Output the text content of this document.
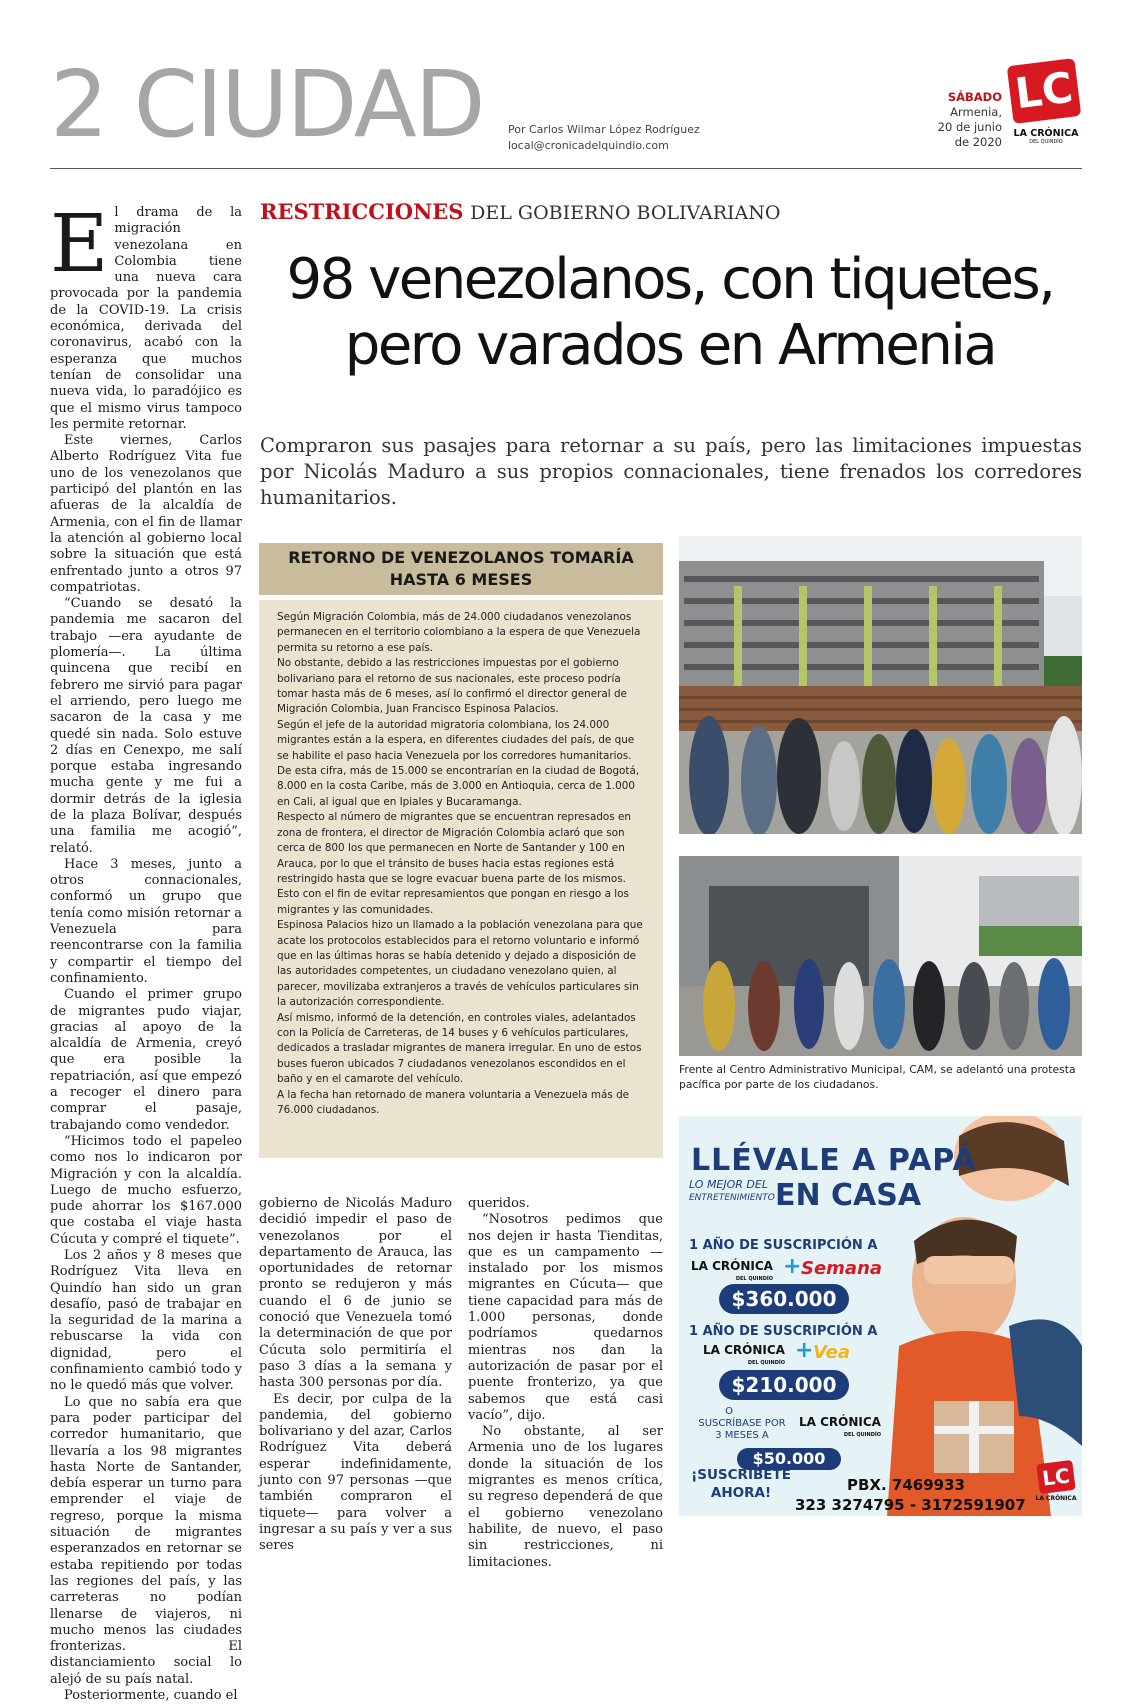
2 CIUDAD Por Carlos Wilmar López Rodríguez
local@cronicadelquindio.com
SÁBADO
Armenia,
20 de junio
de 2020
LC
LA CRÓNICA
DEL QUINDÍO
RESTRICCIONES DEL GOBIERNO BOLIVARIANO
98 venezolanos, con tiquetes, pero varados en Armenia
Compraron sus pasajes para retornar a su país, pero las limitaciones impuestas por Nicolás Maduro a sus propios connacionales, tiene frenados los corredores humanitarios.

El drama de la migración venezolana en Colombia tiene una nueva cara provocada por la pandemia de la COVID-19. La crisis económica, derivada del coronavirus, acabó con la esperanza que muchos tenían de consolidar una nueva vida, lo paradójico es que el mismo virus tampoco les permite retornar.

Este viernes, Carlos Alberto Rodríguez Vita fue uno de los venezolanos que participó del plantón en las afueras de la alcaldía de Armenia, con el fin de llamar la atención al gobierno local sobre la situación que está enfrentado junto a otros 97 compatriotas.

“Cuando se desató la pandemia me sacaron del trabajo —era ayudante de plomería—. La última quincena que recibí en febrero me sirvió para pagar el arriendo, pero luego me sacaron de la casa y me quedé sin nada. Solo estuve 2 días en Cenexpo, me salí porque estaba ingresando mucha gente y me fui a dormir detrás de la iglesia de la plaza Bolívar, después una familia me acogió”, relató.

Hace 3 meses, junto a otros connacionales, conformó un grupo que tenía como misión retornar a Venezuela para reencontrarse con la familia y compartir el tiempo del confinamiento.

Cuando el primer grupo de migrantes pudo viajar, gracias al apoyo de la alcaldía de Armenia, creyó que era posible la repatriación, así que empezó a recoger el dinero para comprar el pasaje, trabajando como vendedor.

“Hicimos todo el papeleo como nos lo indicaron por Migración y con la alcaldía. Luego de mucho esfuerzo, pude ahorrar los $167.000 que costaba el viaje hasta Cúcuta y compré el tiquete”.

Los 2 años y 8 meses que Rodríguez Vita lleva en Quindío han sido un gran desafío, pasó de trabajar en la seguridad de la marina a rebuscarse la vida con dignidad, pero el confinamiento cambió todo y no le quedó más que volver.

Lo que no sabía era que para poder participar del corredor humanitario, que llevaría a los 98 migrantes hasta Norte de Santander, debía esperar un turno para emprender el viaje de regreso, porque la misma situación de migrantes esperanzados en retornar se estaba repitiendo por todas las regiones del país, y las carreteras no podían llenarse de viajeros, ni mucho menos las ciudades fronterizas. El distanciamiento social lo alejó de su país natal.

Posteriormente, cuando el

RETORNO DE VENEZOLANOS TOMARÍA
HASTA 6 MESES

Según Migración Colombia, más de 24.000 ciudadanos venezolanos permanecen en el territorio colombiano a la espera de que Venezuela permita su retorno a ese país.

No obstante, debido a las restricciones impuestas por el gobierno bolivariano para el retorno de sus nacionales, este proceso podría tomar hasta más de 6 meses, así lo confirmó el director general de Migración Colombia, Juan Francisco Espinosa Palacios.

Según el jefe de la autoridad migratoria colombiana, los 24.000 migrantes están a la espera, en diferentes ciudades del país, de que se habilite el paso hacia Venezuela por los corredores humanitarios.

De esta cifra, más de 15.000 se encontrarían en la ciudad de Bogotá, 8.000 en la costa Caribe, más de 3.000 en Antioquia, cerca de 1.000 en Cali, al igual que en Ipiales y Bucaramanga.

Respecto al número de migrantes que se encuentran represados en zona de frontera, el director de Migración Colombia aclaró que son cerca de 800 los que permanecen en Norte de Santander y 100 en Arauca, por lo que el tránsito de buses hacia estas regiones está restringido hasta que se logre evacuar buena parte de los mismos. Esto con el fin de evitar represamientos que pongan en riesgo a los migrantes y las comunidades.

Espinosa Palacios hizo un llamado a la población venezolana para que acate los protocolos establecidos para el retorno voluntario e informó que en las últimas horas se había detenido y dejado a disposición de las autoridades competentes, un ciudadano venezolano quien, al parecer, movilizaba extranjeros a través de vehículos particulares sin la autorización correspondiente.

Así mismo, informó de la detención, en controles viales, adelantados con la Policía de Carreteras, de 14 buses y 6 vehículos particulares, dedicados a trasladar migrantes de manera irregular. En uno de estos buses fueron ubicados 7 ciudadanos venezolanos escondidos en el baño y en el camarote del vehículo.

A la fecha han retornado de manera voluntaria a Venezuela más de 76.000 ciudadanos.

gobierno de Nicolás Maduro decidió impedir el paso de venezolanos por el departamento de Arauca, las oportunidades de retornar pronto se redujeron y más cuando el 6 de junio se conoció que Venezuela tomó la determinación de que por Cúcuta solo permitiría el paso 3 días a la semana y hasta 300 personas por día.

Es decir, por culpa de la pandemia, del gobierno bolivariano y del azar, Carlos Rodríguez Vita deberá esperar indefinidamente, junto con 97 personas —que también compraron el tiquete— para volver a ingresar a su país y ver a sus seres

queridos.

“Nosotros pedimos que nos dejen ir hasta Tienditas, que es un campamento —instalado por los mismos migrantes en Cúcuta— que tiene capacidad para más de 1.000 personas, donde podríamos quedarnos mientras nos dan la autorización de pasar por el puente fronterizo, ya que sabemos que está casi vacío”, dijo.

No obstante, al ser Armenia uno de los lugares donde la situación de los migrantes es menos crítica, su regreso dependerá de que el gobierno venezolano habilite, de nuevo, el paso sin restricciones, ni limitaciones.

Frente al Centro Administrativo Municipal, CAM, se adelantó una protesta pacífica por parte de los ciudadanos.
LLÉVALE A PAPÁ
LO MEJOR DEL EN CASA
ENTRETENIMIENTO
1 AÑO DE SUSCRIPCIÓN A
LA CRÓNICA
DEL QUINDÍO + Semana
$360.000
1 AÑO DE SUSCRIPCIÓN A
LA CRÓNICA
DEL QUINDÍO + Vea
$210.000
O
SUSCRÍBASE POR
3 MESES A
LA CRÓNICA
DEL QUINDÍO
$50.000
¡SUSCRÍBETE
AHORA!	PBX. 7469933
323 3274795 - 3172591907
LC
LA CRÓNICA
